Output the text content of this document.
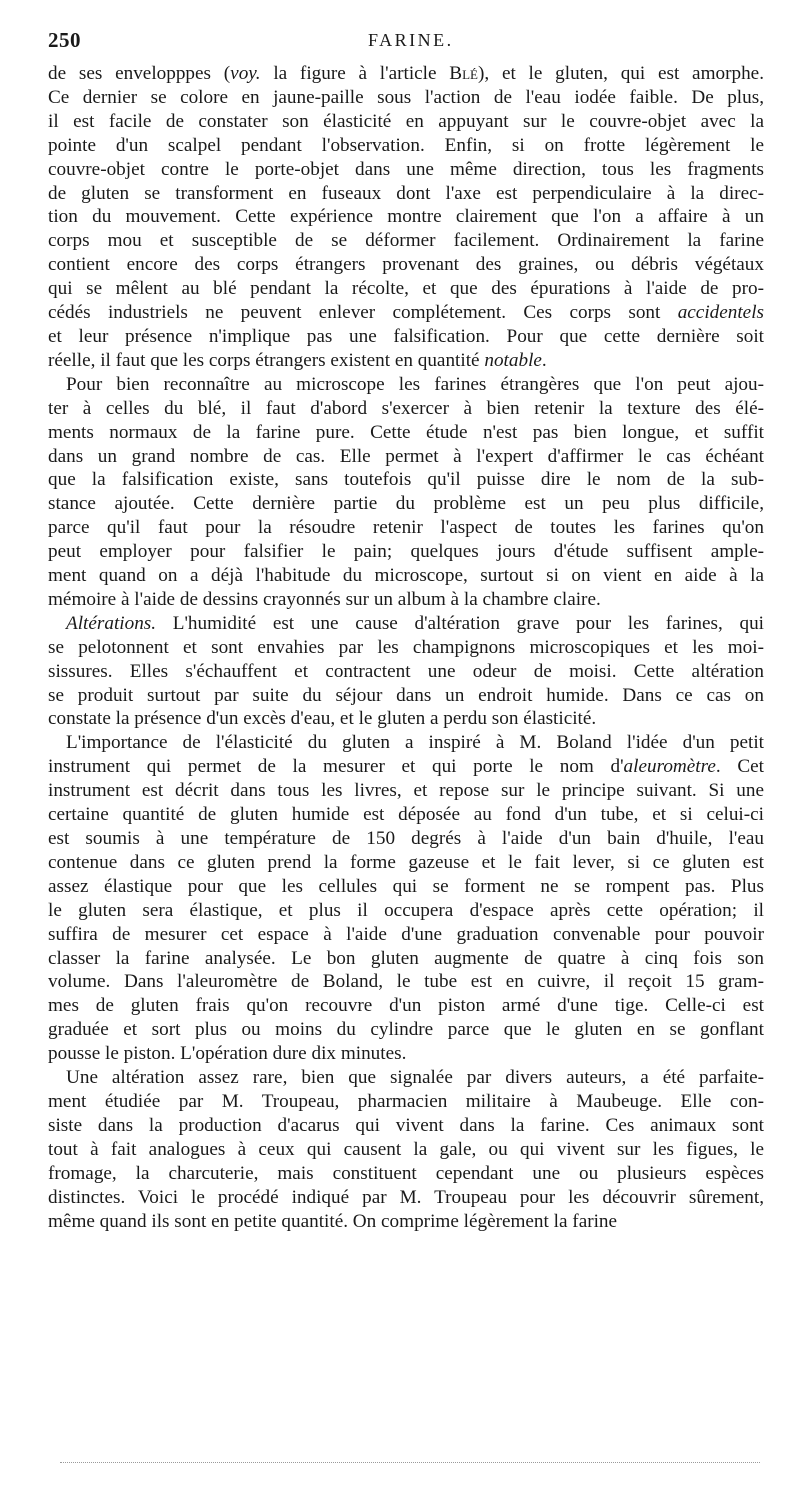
250	FARINE.
de ses envelopppes (voy. la figure à l'article Blé), et le gluten, qui est amorphe.
Ce dernier se colore en jaune-paille sous l'action de l'eau iodée faible. De plus,
il est facile de constater son élasticité en appuyant sur le couvre-objet avec la
pointe d'un scalpel pendant l'observation. Enfin, si on frotte légèrement le
couvre-objet contre le porte-objet dans une même direction, tous les fragments
de gluten se transforment en fuseaux dont l'axe est perpendiculaire à la direc-
tion du mouvement. Cette expérience montre clairement que l'on a affaire à un
corps mou et susceptible de se déformer facilement. Ordinairement la farine
contient encore des corps étrangers provenant des graines, ou débris végétaux
qui se mêlent au blé pendant la récolte, et que des épurations à l'aide de pro-
cédés industriels ne peuvent enlever complétement. Ces corps sont accidentels
et leur présence n'implique pas une falsification. Pour que cette dernière soit
réelle, il faut que les corps étrangers existent en quantité notable.
Pour bien reconnaître au microscope les farines étrangères que l'on peut ajou-
ter à celles du blé, il faut d'abord s'exercer à bien retenir la texture des élé-
ments normaux de la farine pure. Cette étude n'est pas bien longue, et suffit
dans un grand nombre de cas. Elle permet à l'expert d'affirmer le cas échéant
que la falsification existe, sans toutefois qu'il puisse dire le nom de la sub-
stance ajoutée. Cette dernière partie du problème est un peu plus difficile,
parce qu'il faut pour la résoudre retenir l'aspect de toutes les farines qu'on
peut employer pour falsifier le pain; quelques jours d'étude suffisent ample-
ment quand on a déjà l'habitude du microscope, surtout si on vient en aide à la
mémoire à l'aide de dessins crayonnés sur un album à la chambre claire.
Altérations. L'humidité est une cause d'altération grave pour les farines, qui
se pelotonnent et sont envahies par les champignons microscopiques et les moi-
sissures. Elles s'échauffent et contractent une odeur de moisi. Cette altération
se produit surtout par suite du séjour dans un endroit humide. Dans ce cas on
constate la présence d'un excès d'eau, et le gluten a perdu son élasticité.
L'importance de l'élasticité du gluten a inspiré à M. Boland l'idée d'un petit
instrument qui permet de la mesurer et qui porte le nom d'aleuromètre. Cet
instrument est décrit dans tous les livres, et repose sur le principe suivant. Si une
certaine quantité de gluten humide est déposée au fond d'un tube, et si celui-ci
est soumis à une température de 150 degrés à l'aide d'un bain d'huile, l'eau
contenue dans ce gluten prend la forme gazeuse et le fait lever, si ce gluten est
assez élastique pour que les cellules qui se forment ne se rompent pas. Plus
le gluten sera élastique, et plus il occupera d'espace après cette opération; il
suffira de mesurer cet espace à l'aide d'une graduation convenable pour pouvoir
classer la farine analysée. Le bon gluten augmente de quatre à cinq fois son
volume. Dans l'aleuromètre de Boland, le tube est en cuivre, il reçoit 15 gram-
mes de gluten frais qu'on recouvre d'un piston armé d'une tige. Celle-ci est
graduée et sort plus ou moins du cylindre parce que le gluten en se gonflant
pousse le piston. L'opération dure dix minutes.
Une altération assez rare, bien que signalée par divers auteurs, a été parfaite-
ment étudiée par M. Troupeau, pharmacien militaire à Maubeuge. Elle con-
siste dans la production d'acarus qui vivent dans la farine. Ces animaux sont
tout à fait analogues à ceux qui causent la gale, ou qui vivent sur les figues, le
fromage, la charcuterie, mais constituent cependant une ou plusieurs espèces
distinctes. Voici le procédé indiqué par M. Troupeau pour les découvrir sûrement,
même quand ils sont en petite quantité. On comprime légèrement la farine
